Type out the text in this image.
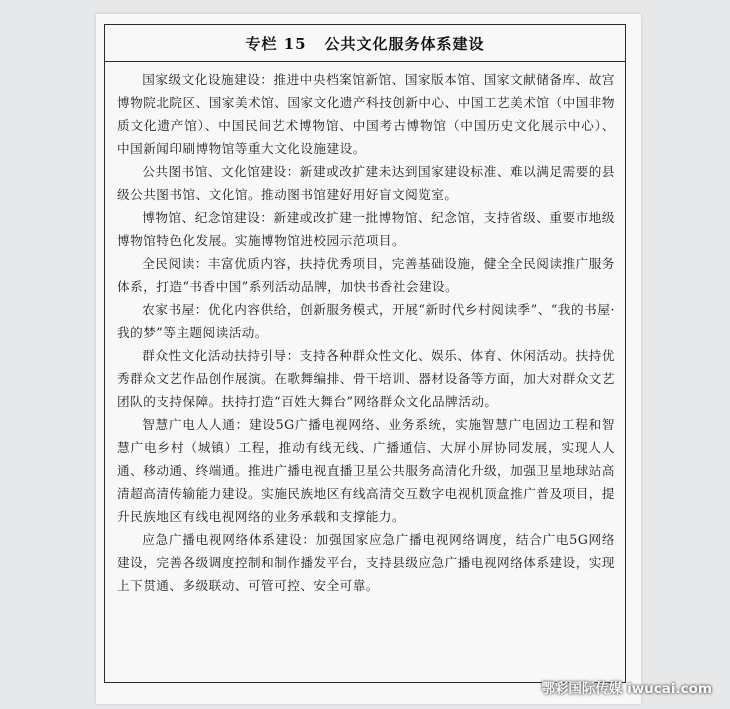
专栏 15 公共文化服务体系建设

国家级文化设施建设：推进中央档案馆新馆、国家版本馆、国家文献储备库、故宫博物院北院区、国家美术馆、国家文化遗产科技创新中心、中国工艺美术馆（中国非物质文化遗产馆）、中国民间艺术博物馆、中国考古博物馆（中国历史文化展示中心）、中国新闻印刷博物馆等重大文化设施建设。

公共图书馆、文化馆建设：新建或改扩建未达到国家建设标准、难以满足需要的县级公共图书馆、文化馆。推动图书馆建好用好盲文阅览室。

博物馆、纪念馆建设：新建或改扩建一批博物馆、纪念馆，支持省级、重要市地级博物馆特色化发展。实施博物馆进校园示范项目。

全民阅读：丰富优质内容，扶持优秀项目，完善基础设施，健全全民阅读推广服务体系，打造“书香中国”系列活动品牌，加快书香社会建设。

农家书屋：优化内容供给，创新服务模式，开展“新时代乡村阅读季”、“我的书屋·我的梦”等主题阅读活动。

群众性文化活动扶持引导：支持各种群众性文化、娱乐、体育、休闲活动。扶持优秀群众文艺作品创作展演。在歌舞编排、骨干培训、器材设备等方面，加大对群众文艺团队的支持保障。扶持打造“百姓大舞台”网络群众文化品牌活动。

智慧广电人人通：建设5G广播电视网络、业务系统，实施智慧广电固边工程和智慧广电乡村（城镇）工程，推动有线无线、广播通信、大屏小屏协同发展，实现人人通、移动通、终端通。推进广播电视直播卫星公共服务高清化升级，加强卫星地球站高清超高清传输能力建设。实施民族地区有线高清交互数字电视机顶盒推广普及项目，提升民族地区有线电视网络的业务承载和支撑能力。

应急广播电视网络体系建设：加强国家应急广播电视网络调度，结合广电5G网络建设，完善各级调度控制和制作播发平台，支持县级应急广播电视网络体系建设，实现上下贯通、多级联动、可管可控、安全可靠。

鄂彩国际传媒 iwucai.com
